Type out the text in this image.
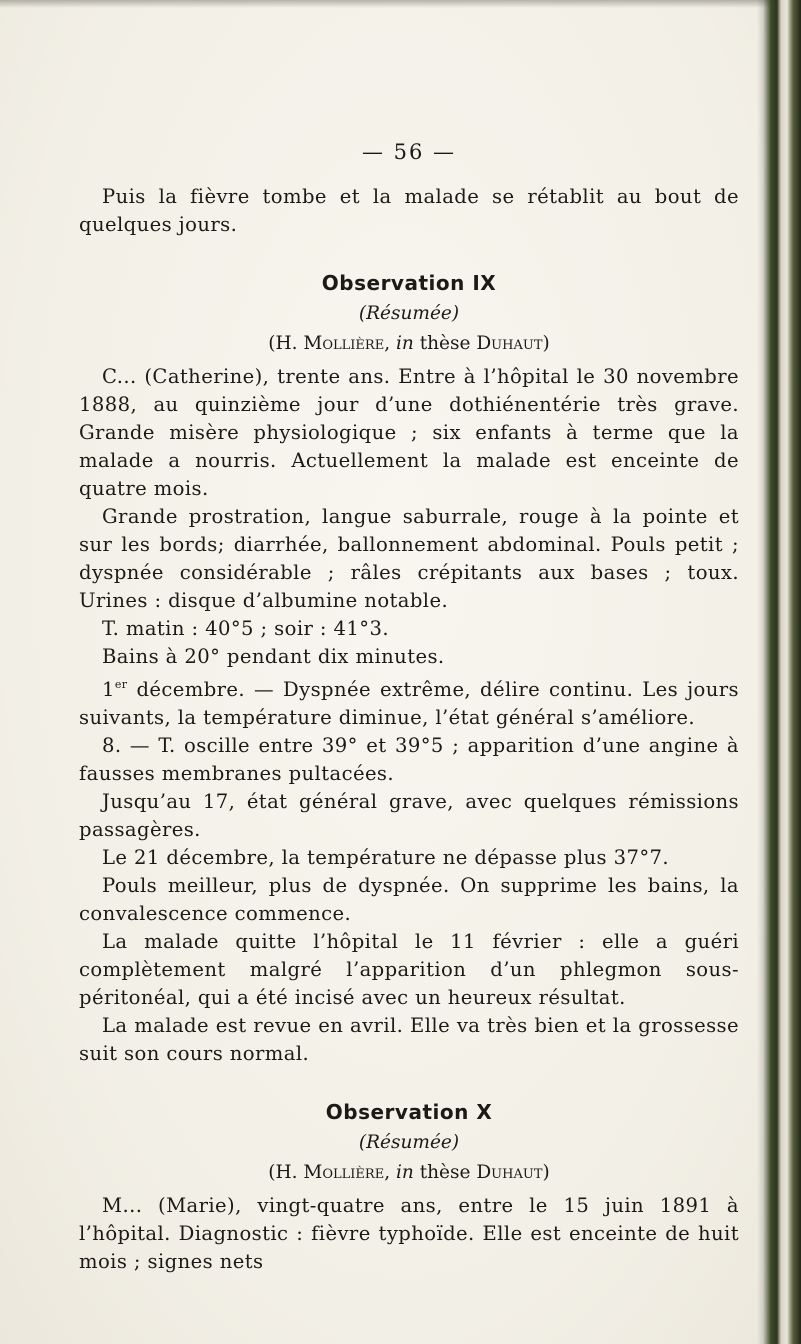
— 56 —

Puis la fièvre tombe et la malade se rétablit au bout de quelques jours.

Observation IX
(Résumée)
(H. Mollière, in thèse Duhaut)

C... (Catherine), trente ans. Entre à l’hôpital le 30 novembre 1888, au quinzième jour d’une dothiénentérie très grave. Grande misère physiologique ; six enfants à terme que la malade a nourris. Actuellement la malade est enceinte de quatre mois.

Grande prostration, langue saburrale, rouge à la pointe et sur les bords; diarrhée, ballonnement abdominal. Pouls petit ; dyspnée considérable ; râles crépitants aux bases ; toux. Urines : disque d’albumine notable.

T. matin : 40°5 ; soir : 41°3.

Bains à 20° pendant dix minutes.

1er décembre. — Dyspnée extrême, délire continu. Les jours suivants, la température diminue, l’état général s’améliore.

8. — T. oscille entre 39° et 39°5 ; apparition d’une angine à fausses membranes pultacées.

Jusqu’au 17, état général grave, avec quelques rémissions passagères.

Le 21 décembre, la température ne dépasse plus 37°7.

Pouls meilleur, plus de dyspnée. On supprime les bains, la convalescence commence.

La malade quitte l’hôpital le 11 février : elle a guéri complètement malgré l’apparition d’un phlegmon sous-péritonéal, qui a été incisé avec un heureux résultat.

La malade est revue en avril. Elle va très bien et la grossesse suit son cours normal.

Observation X
(Résumée)
(H. Mollière, in thèse Duhaut)

M... (Marie), vingt-quatre ans, entre le 15 juin 1891 à l’hôpital. Diagnostic : fièvre typhoïde. Elle est enceinte de huit mois ; signes nets
